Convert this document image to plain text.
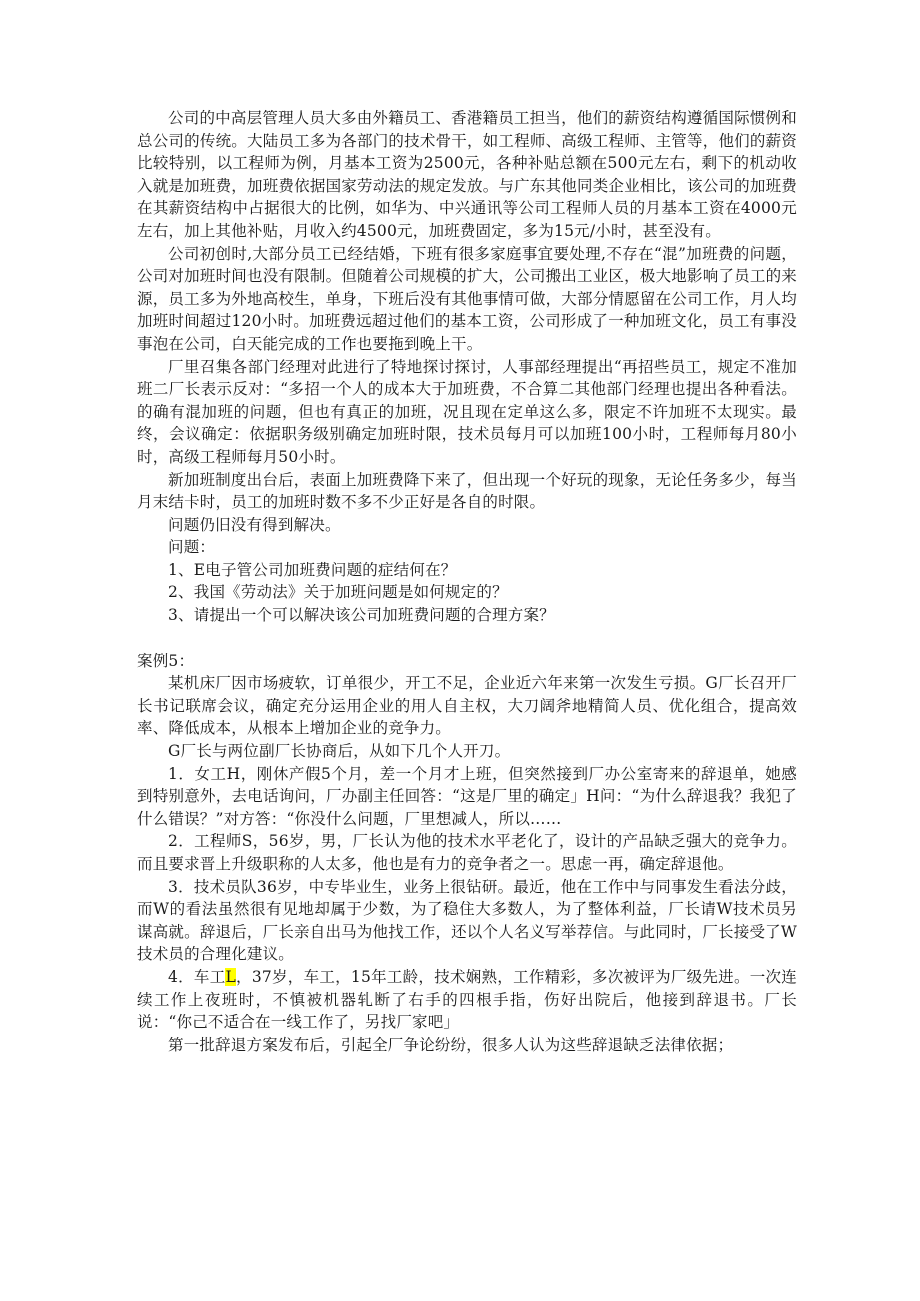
公司的中高层管理人员大多由外籍员工、香港籍员工担当，他们的薪资结构遵循国际惯例和总公司的传统。大陆员工多为各部门的技术骨干，如工程师、高级工程师、主管等，他们的薪资比较特别，以工程师为例，月基本工资为2500元，各种补贴总额在500元左右，剩下的机动收入就是加班费，加班费依据国家劳动法的规定发放。与广东其他同类企业相比，该公司的加班费在其薪资结构中占据很大的比例，如华为、中兴通讯等公司工程师人员的月基本工资在4000元左右，加上其他补贴，月收入约4500元，加班费固定，多为15元/小时，甚至没有。

公司初创时,大部分员工已经结婚，下班有很多家庭事宜要处理,不存在“混”加班费的问题，公司对加班时间也没有限制。但随着公司规模的扩大，公司搬出工业区，极大地影响了员工的来源，员工多为外地高校生，单身，下班后没有其他事情可做，大部分情愿留在公司工作，月人均加班时间超过120小时。加班费远超过他们的基本工资，公司形成了一种加班文化，员工有事没事泡在公司，白天能完成的工作也要拖到晚上干。

厂里召集各部门经理对此进行了特地探讨探讨，人事部经理提出“再招些员工，规定不准加班二厂长表示反对：“多招一个人的成本大于加班费，不合算二其他部门经理也提出各种看法。的确有混加班的问题，但也有真正的加班，况且现在定单这么多，限定不许加班不太现实。最终，会议确定：依据职务级别确定加班时限，技术员每月可以加班100小时，工程师每月80小时，高级工程师每月50小时。

新加班制度出台后，表面上加班费降下来了，但出现一个好玩的现象，无论任务多少，每当月末结卡时，员工的加班时数不多不少正好是各自的时限。

问题仍旧没有得到解决。

问题：

1、E电子管公司加班费问题的症结何在？

2、我国《劳动法》关于加班问题是如何规定的？

3、请提出一个可以解决该公司加班费问题的合理方案？

案例5：

某机床厂因市场疲软，订单很少，开工不足，企业近六年来第一次发生亏损。G厂长召开厂长书记联席会议，确定充分运用企业的用人自主权，大刀阔斧地精简人员、优化组合，提高效率、降低成本，从根本上增加企业的竞争力。

G厂长与两位副厂长协商后，从如下几个人开刀。

1．女工H，刚休产假5个月，差一个月才上班，但突然接到厂办公室寄来的辞退单，她感到特别意外，去电话询问，厂办副主任回答：“这是厂里的确定」H问：“为什么辞退我？我犯了什么错误？”对方答：“你没什么问题，厂里想减人，所以……

2．工程师S，56岁，男，厂长认为他的技术水平老化了，设计的产品缺乏强大的竞争力。而且要求晋上升级职称的人太多，他也是有力的竞争者之一。思虑一再，确定辞退他。

3．技术员队36岁，中专毕业生，业务上很钻研。最近，他在工作中与同事发生看法分歧，而W的看法虽然很有见地却属于少数，为了稳住大多数人，为了整体利益，厂长请W技术员另谋高就。辞退后，厂长亲自出马为他找工作，还以个人名义写举荐信。与此同时，厂长接受了W技术员的合理化建议。

4．车工L，37岁，车工，15年工龄，技术娴熟，工作精彩，多次被评为厂级先进。一次连续工作上夜班时，不慎被机器轧断了右手的四根手指，伤好出院后，他接到辞退书。厂长说：“你己不适合在一线工作了，另找厂家吧」

第一批辞退方案发布后，引起全厂争论纷纷，很多人认为这些辞退缺乏法律依据；
